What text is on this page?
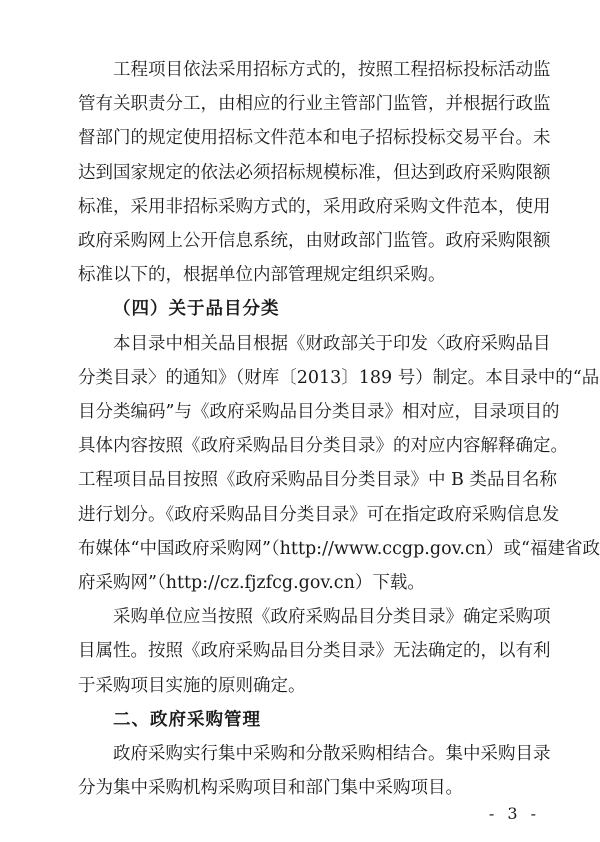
工程项目依法采用招标方式的，按照工程招标投标活动监
管有关职责分工，由相应的行业主管部门监管，并根据行政监
督部门的规定使用招标文件范本和电子招标投标交易平台。未
达到国家规定的依法必须招标规模标准，但达到政府采购限额
标准，采用非招标采购方式的，采用政府采购文件范本，使用
政府采购网上公开信息系统，由财政部门监管。政府采购限额
标准以下的，根据单位内部管理规定组织采购。
（四）关于品目分类
本目录中相关品目根据《财政部关于印发〈政府采购品目
分类目录〉的通知》（财库〔2013〕189 号）制定。本目录中的“品
目分类编码”与《政府采购品目分类目录》相对应，目录项目的
具体内容按照《政府采购品目分类目录》的对应内容解释确定。
工程项目品目按照《政府采购品目分类目录》中 B 类品目名称
进行划分。《政府采购品目分类目录》可在指定政府采购信息发
布媒体“中国政府采购网”（http://www.ccgp.gov.cn）或“福建省政
府采购网”（http://cz.fjzfcg.gov.cn）下载。
采购单位应当按照《政府采购品目分类目录》确定采购项
目属性。按照《政府采购品目分类目录》无法确定的，以有利
于采购项目实施的原则确定。
二、政府采购管理
政府采购实行集中采购和分散采购相结合。集中采购目录
分为集中采购机构采购项目和部门集中采购项目。
- 3 -
